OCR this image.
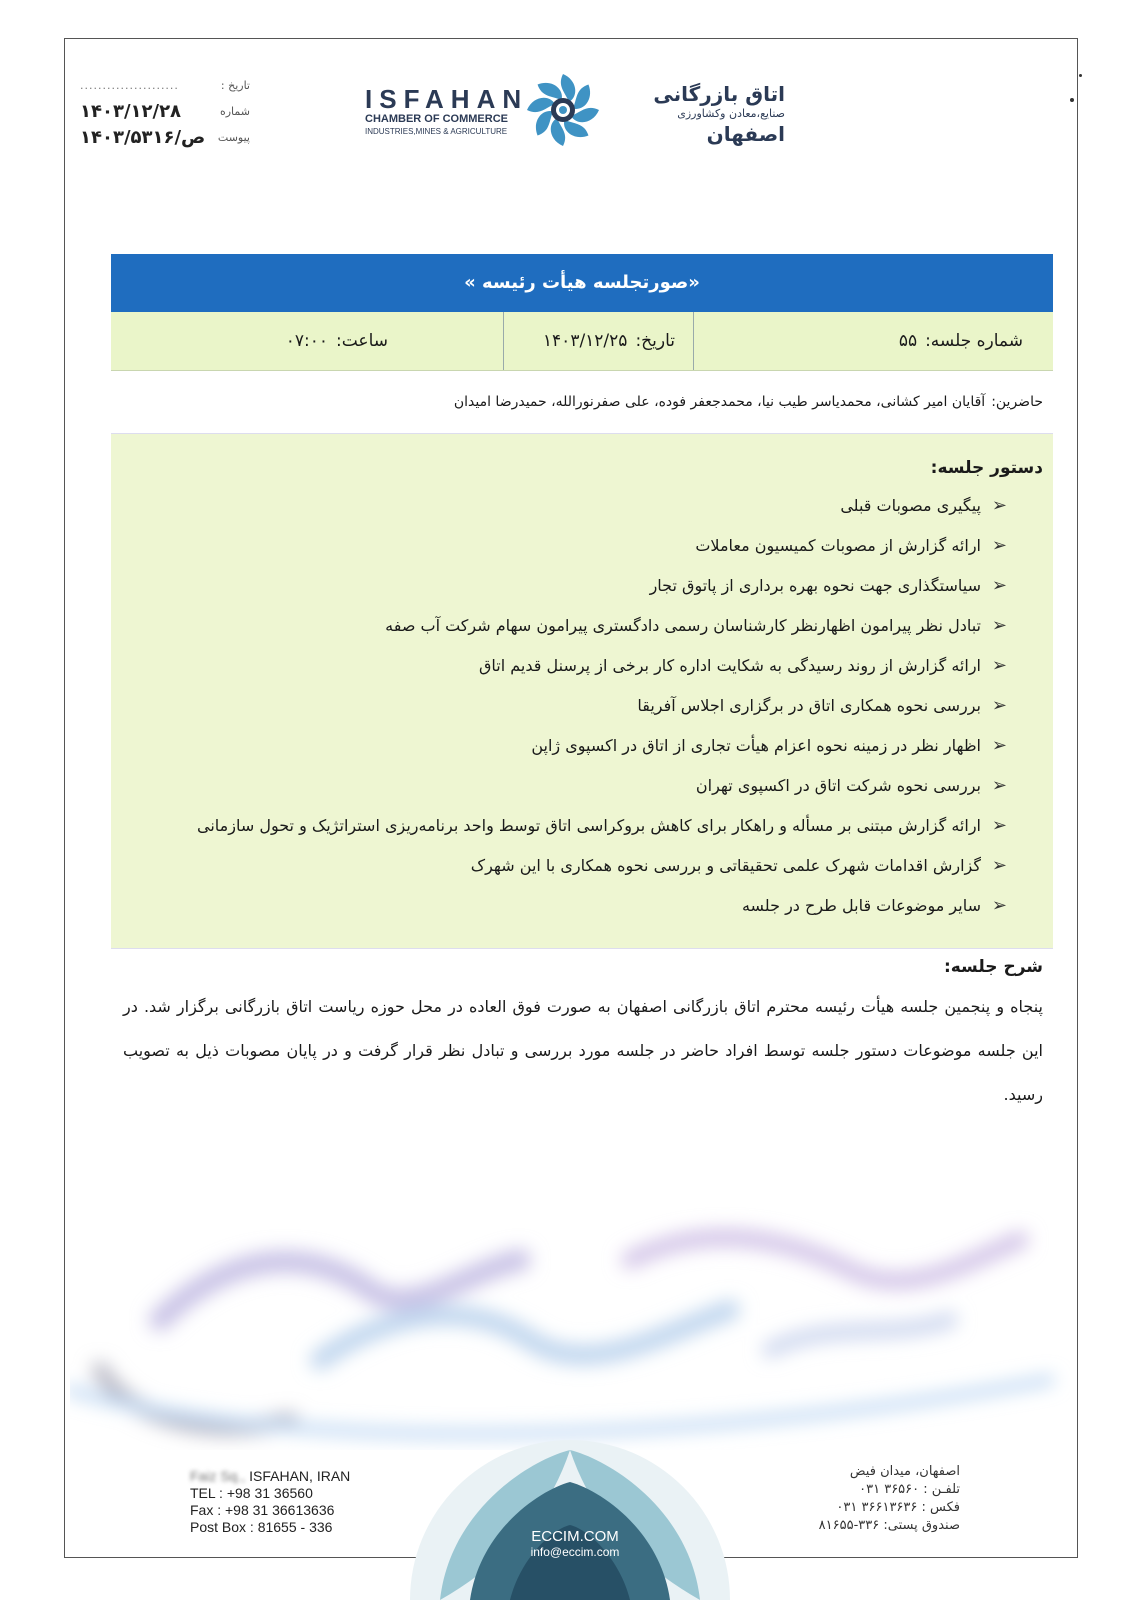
تاریخ :
......................
شماره
۱۴۰۳/۱۲/۲۸
پیوست
۱۴۰۳/ص/۵۳۱۶
ISFAHAN
CHAMBER OF COMMERCE
INDUSTRIES,MINES & AGRICULTURE
اتاق بازرگانی
صنایع،معادن وکشاورزی
اصفهان
«صورتجلسه هیأت رئیسه »
شماره جلسه:
۵۵
تاریخ:
۱۴۰۳/۱۲/۲۵
ساعت:
۰۷:۰۰
حاضرین:
آقایان امیر کشانی، محمدیاسر طیب نیا، محمدجعفر فوده، علی صفرنورالله، حمیدرضا امیدان
دستور جلسه:
➢
پیگیری مصوبات قبلی
➢
ارائه گزارش از مصوبات کمیسیون معاملات
➢
سیاستگذاری جهت نحوه بهره برداری از پاتوق تجار
➢
تبادل نظر پیرامون اظهارنظر کارشناسان رسمی دادگستری پیرامون سهام شرکت آب صفه
➢
ارائه گزارش از روند رسیدگی به شکایت اداره کار برخی از پرسنل قدیم اتاق
➢
بررسی نحوه همکاری اتاق در برگزاری اجلاس آفریقا
➢
اظهار نظر در زمینه نحوه اعزام هیأت تجاری از اتاق در اکسپوی ژاپن
➢
بررسی نحوه شرکت اتاق در اکسپوی تهران
➢
ارائه گزارش مبتنی بر مسأله و راهکار برای کاهش بروکراسی اتاق توسط واحد برنامه‌ریزی استراتژیک و تحول سازمانی
➢
گزارش اقدامات شهرک علمی تحقیقاتی و بررسی نحوه همکاری با این شهرک
➢
سایر موضوعات قابل طرح در جلسه
شرح جلسه:

پنجاه و پنجمین جلسه هیأت رئیسه محترم اتاق بازرگانی اصفهان به صورت فوق العاده در محل حوزه ریاست اتاق بازرگانی برگزار شد. در این جلسه موضوعات دستور جلسه توسط افراد حاضر در جلسه مورد بررسی و تبادل نظر قرار گرفت و در پایان مصوبات ذیل به تصویب رسید.

ECCIM.COM
info@eccim.com
Faiz Sq., ISFAHAN, IRAN
TEL : +98 31 36560
Fax : +98 31 36613636
Post Box : 81655 - 336
اصفهان، میدان فیض
تلفـن : ۳۶۵۶۰ ۰۳۱
فکس : ۳۶۶۱۳۶۳۶ ۰۳۱
صندوق پستی: ۳۳۶-۸۱۶۵۵
